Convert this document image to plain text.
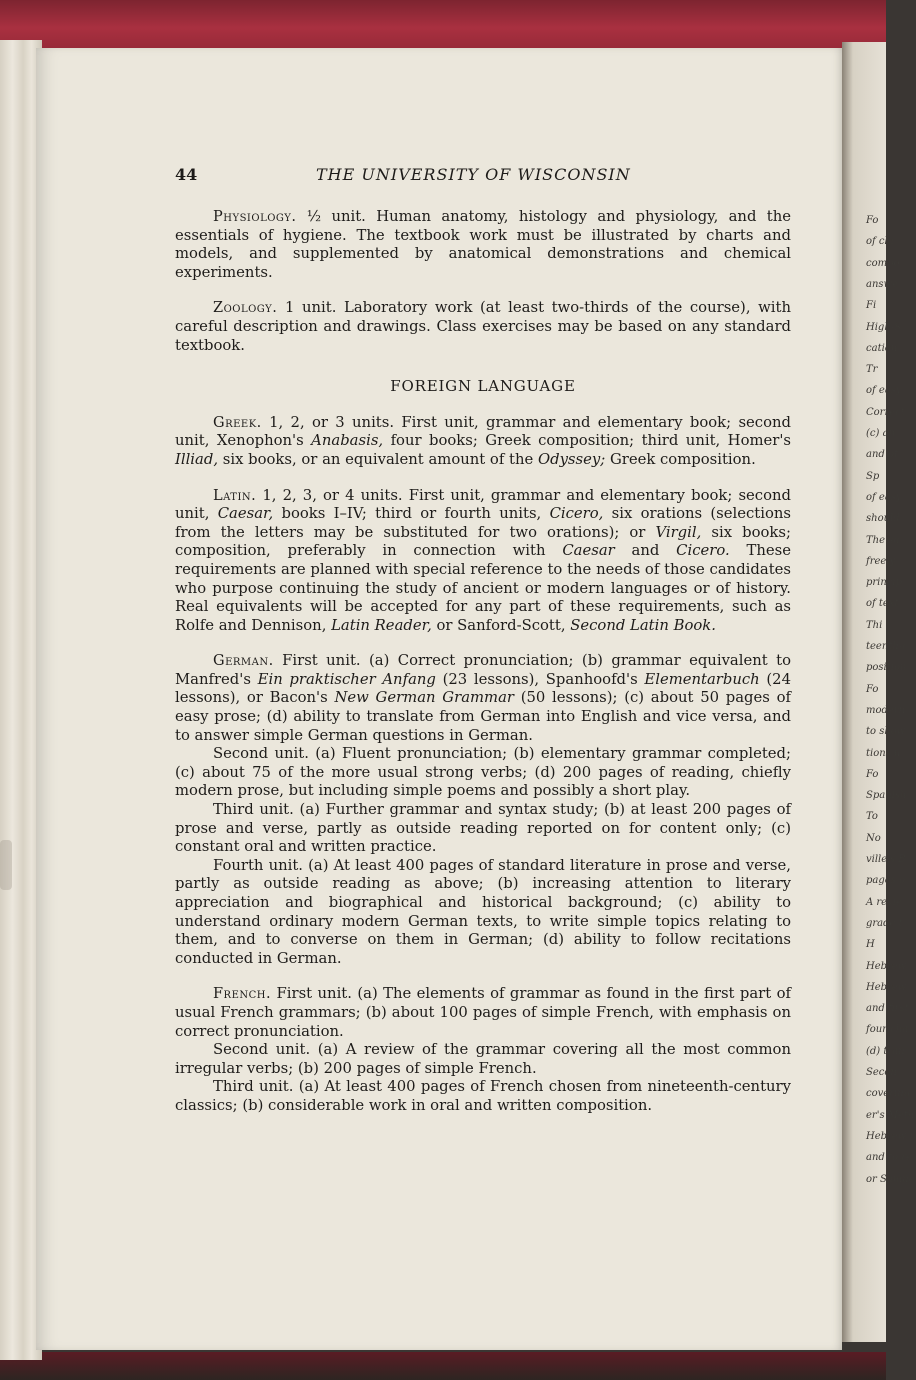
Fo
of cla
compo
answe
Fi
High-S
cation
Tr
of easy
Correct
(c) an
and of
Sp
of easy
should
The sa
freely
princip
of text
Thi
teenth-c
position
Fo
modern
to show
tions u
Fo
Spanish
To
No
ville's B
pages o
A revie
grade t
H
Hebrew
Hebrew
and first
four cha
(d) tran
Secon
covering
er's Meth
Hebrew p
and to re
or Samue
44	THE UNIVERSITY OF WISCONSIN

Physiology. ½ unit. Human anatomy, histology and physiology, and the essentials of hygiene. The textbook work must be illustrated by charts and models, and supplemented by anatomical demonstrations and chemical experiments.

Zoology. 1 unit. Laboratory work (at least two-thirds of the course), with careful description and drawings. Class exercises may be based on any standard textbook.

FOREIGN LANGUAGE

Greek. 1, 2, or 3 units. First unit, grammar and elementary book; second unit, Xenophon's Anabasis, four books; Greek composition; third unit, Homer's Illiad, six books, or an equivalent amount of the Odyssey; Greek composition.

Latin. 1, 2, 3, or 4 units. First unit, grammar and elementary book; second unit, Caesar, books I–IV; third or fourth units, Cicero, six orations (selections from the letters may be substituted for two orations); or Virgil, six books; composition, preferably in connection with Caesar and Cicero. These requirements are planned with special reference to the needs of those candidates who purpose continuing the study of ancient or modern languages or of history. Real equivalents will be accepted for any part of these requirements, such as Rolfe and Dennison, Latin Reader, or Sanford-Scott, Second Latin Book.

German. First unit. (a) Correct pronunciation; (b) grammar equivalent to Manfred's Ein praktischer Anfang (23 lessons), Spanhoofd's Elementarbuch (24 lessons), or Bacon's New German Grammar (50 lessons); (c) about 50 pages of easy prose; (d) ability to translate from German into English and vice versa, and to answer simple German questions in German.

Second unit. (a) Fluent pronunciation; (b) elementary grammar completed; (c) about 75 of the more usual strong verbs; (d) 200 pages of reading, chiefly modern prose, but including simple poems and possibly a short play.

Third unit. (a) Further grammar and syntax study; (b) at least 200 pages of prose and verse, partly as outside reading reported on for content only; (c) constant oral and written practice.

Fourth unit. (a) At least 400 pages of standard literature in prose and verse, partly as outside reading as above; (b) increasing attention to literary appreciation and biographical and historical background; (c) ability to understand ordinary modern German texts, to write simple topics relating to them, and to converse on them in German; (d) ability to follow recitations conducted in German.

French. First unit. (a) The elements of grammar as found in the first part of usual French grammars; (b) about 100 pages of simple French, with emphasis on correct pronunciation.

Second unit. (a) A review of the grammar covering all the most common irregular verbs; (b) 200 pages of simple French.

Third unit. (a) At least 400 pages of French chosen from nineteenth-century classics; (b) considerable work in oral and written composition.
